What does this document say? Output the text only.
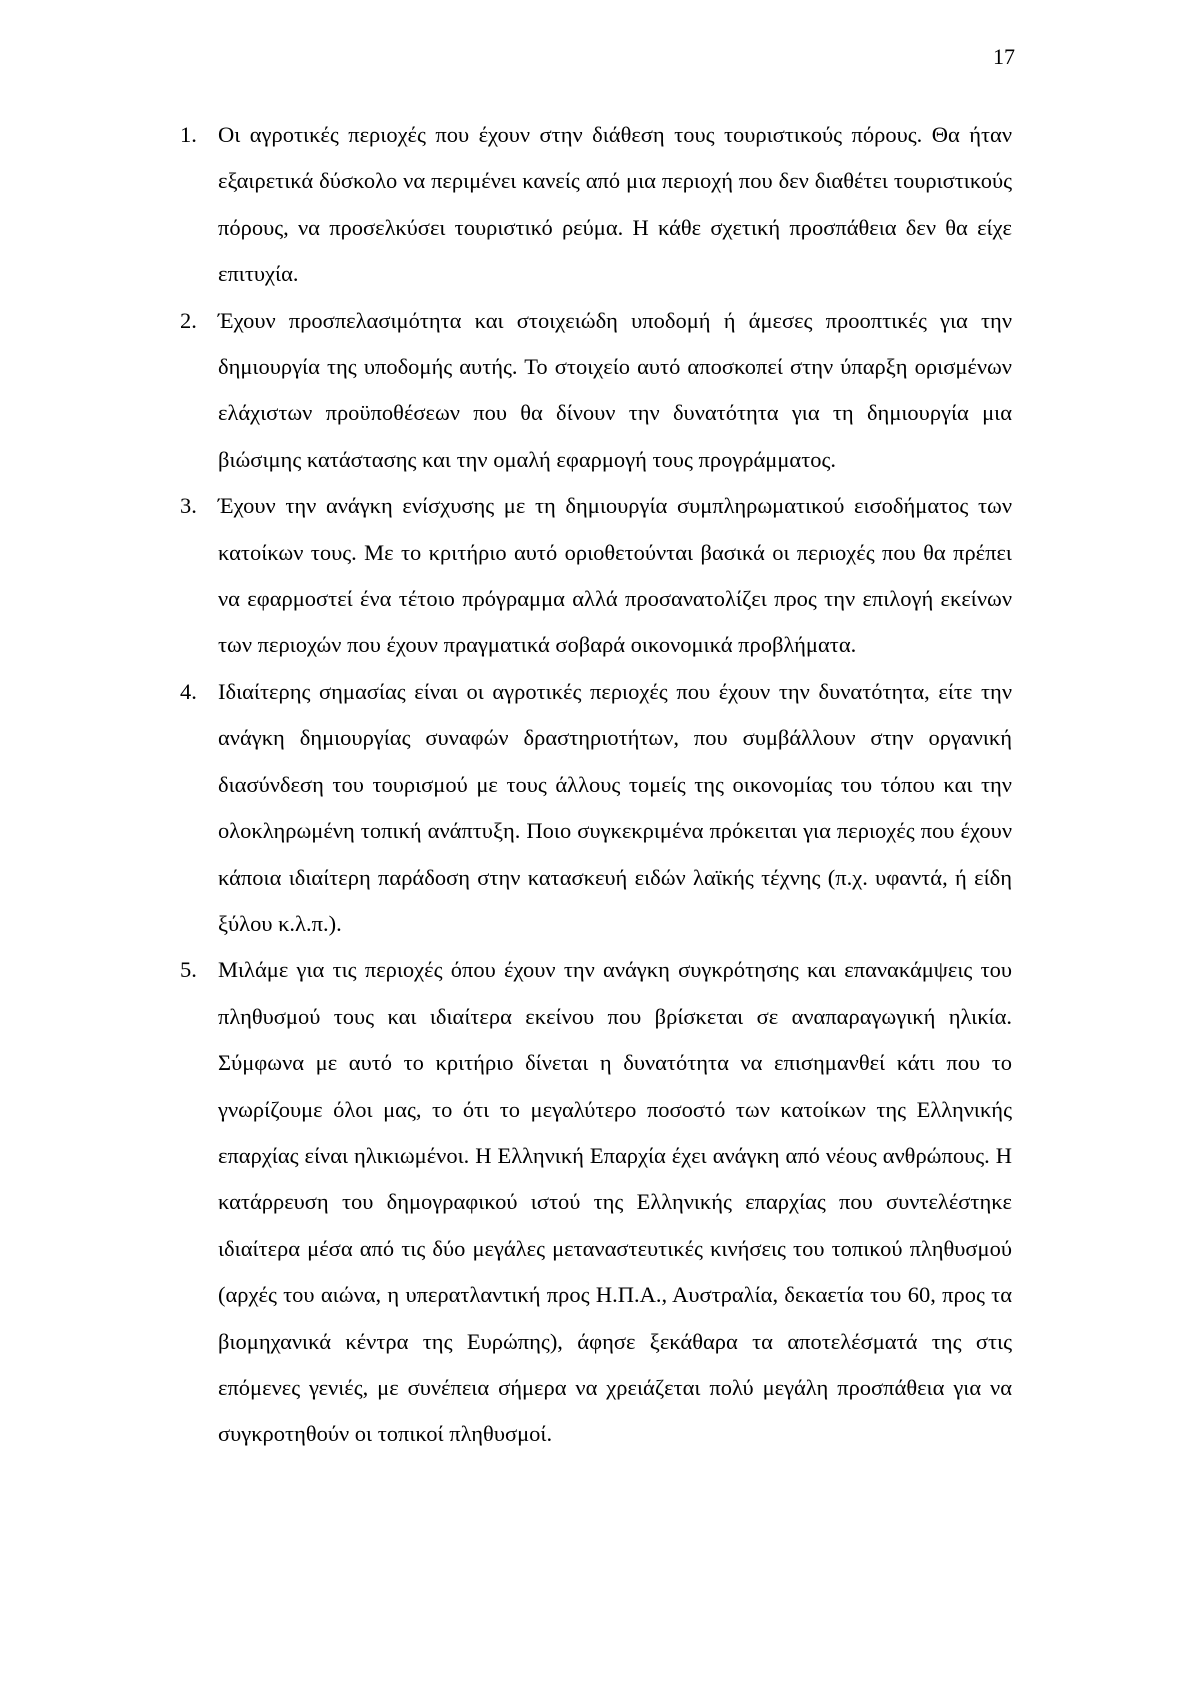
17
1. Οι αγροτικές περιοχές που έχουν στην διάθεση τους τουριστικούς πόρους. Θα ήταν εξαιρετικά δύσκολο να περιμένει κανείς από μια περιοχή που δεν διαθέτει τουριστικούς πόρους, να προσελκύσει τουριστικό ρεύμα. Η κάθε σχετική προσπάθεια δεν θα είχε επιτυχία.
2. Έχουν προσπελασιμότητα και στοιχειώδη υποδομή ή άμεσες προοπτικές για την δημιουργία της υποδομής αυτής. Το στοιχείο αυτό αποσκοπεί στην ύπαρξη ορισμένων ελάχιστων προϋποθέσεων που θα δίνουν την δυνατότητα για τη δημιουργία μια βιώσιμης κατάστασης και την ομαλή εφαρμογή τους προγράμματος.
3. Έχουν την ανάγκη ενίσχυσης με τη δημιουργία συμπληρωματικού εισοδήματος των κατοίκων τους. Με το κριτήριο αυτό οριοθετούνται βασικά οι περιοχές που θα πρέπει να εφαρμοστεί ένα τέτοιο πρόγραμμα αλλά προσανατολίζει προς την επιλογή εκείνων των περιοχών που έχουν πραγματικά σοβαρά οικονομικά προβλήματα.
4. Ιδιαίτερης σημασίας είναι οι αγροτικές περιοχές που έχουν την δυνατότητα, είτε την ανάγκη δημιουργίας συναφών δραστηριοτήτων, που συμβάλλουν στην οργανική διασύνδεση του τουρισμού με τους άλλους τομείς της οικονομίας του τόπου και την ολοκληρωμένη τοπική ανάπτυξη. Ποιο συγκεκριμένα πρόκειται για περιοχές που έχουν κάποια ιδιαίτερη παράδοση στην κατασκευή ειδών λαϊκής τέχνης (π.χ. υφαντά, ή είδη ξύλου κ.λ.π.).
5. Μιλάμε για τις περιοχές όπου έχουν την ανάγκη συγκρότησης και επανακάμψεις του πληθυσμού τους και ιδιαίτερα εκείνου που βρίσκεται σε αναπαραγωγική ηλικία. Σύμφωνα με αυτό το κριτήριο δίνεται η δυνατότητα να επισημανθεί κάτι που το γνωρίζουμε όλοι μας, το ότι το μεγαλύτερο ποσοστό των κατοίκων της Ελληνικής επαρχίας είναι ηλικιωμένοι. Η Ελληνική Επαρχία έχει ανάγκη από νέους ανθρώπους. Η κατάρρευση του δημογραφικού ιστού της Ελληνικής επαρχίας που συντελέστηκε ιδιαίτερα μέσα από τις δύο μεγάλες μεταναστευτικές κινήσεις του τοπικού πληθυσμού (αρχές του αιώνα, η υπερατλαντική προς Η.Π.Α., Αυστραλία, δεκαετία του 60, προς τα βιομηχανικά κέντρα της Ευρώπης), άφησε ξεκάθαρα τα αποτελέσματά της στις επόμενες γενιές, με συνέπεια σήμερα να χρειάζεται πολύ μεγάλη προσπάθεια για να συγκροτηθούν οι τοπικοί πληθυσμοί.
